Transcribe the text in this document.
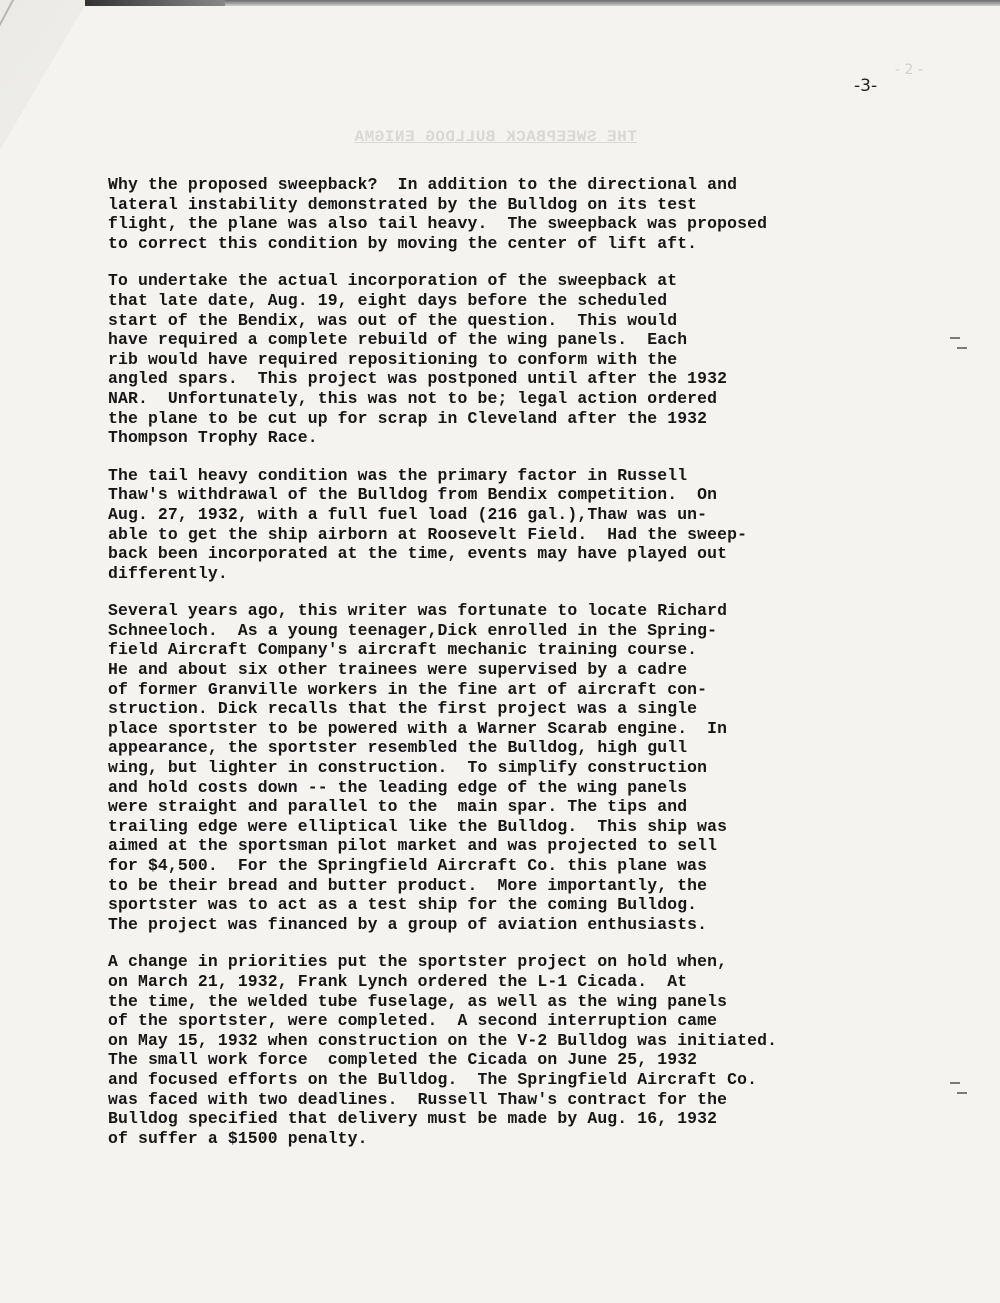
- 2 -
-3-
THE SWEEPBACK BULLDOG ENIGMA

Why the proposed sweepback?  In addition to the directional and
lateral instability demonstrated by the Bulldog on its test
flight, the plane was also tail heavy.  The sweepback was proposed
to correct this condition by moving the center of lift aft.

To undertake the actual incorporation of the sweepback at
that late date, Aug. 19, eight days before the scheduled
start of the Bendix, was out of the question.  This would
have required a complete rebuild of the wing panels.  Each
rib would have required repositioning to conform with the
angled spars.  This project was postponed until after the 1932
NAR.  Unfortunately, this was not to be; legal action ordered
the plane to be cut up for scrap in Cleveland after the 1932
Thompson Trophy Race.

The tail heavy condition was the primary factor in Russell
Thaw's withdrawal of the Bulldog from Bendix competition.  On
Aug. 27, 1932, with a full fuel load (216 gal.),Thaw was un-
able to get the ship airborn at Roosevelt Field.  Had the sweep-
back been incorporated at the time, events may have played out
differently.

Several years ago, this writer was fortunate to locate Richard
Schneeloch.  As a young teenager,Dick enrolled in the Spring-
field Aircraft Company's aircraft mechanic training course.
He and about six other trainees were supervised by a cadre
of former Granville workers in the fine art of aircraft con-
struction. Dick recalls that the first project was a single
place sportster to be powered with a Warner Scarab engine.  In
appearance, the sportster resembled the Bulldog, high gull
wing, but lighter in construction.  To simplify construction
and hold costs down -- the leading edge of the wing panels
were straight and parallel to the  main spar. The tips and
trailing edge were elliptical like the Bulldog.  This ship was
aimed at the sportsman pilot market and was projected to sell
for $4,500.  For the Springfield Aircraft Co. this plane was
to be their bread and butter product.  More importantly, the
sportster was to act as a test ship for the coming Bulldog.
The project was financed by a group of aviation enthusiasts.

A change in priorities put the sportster project on hold when,
on March 21, 1932, Frank Lynch ordered the L-1 Cicada.  At
the time, the welded tube fuselage, as well as the wing panels
of the sportster, were completed.  A second interruption came
on May 15, 1932 when construction on the V-2 Bulldog was initiated.
The small work force  completed the Cicada on June 25, 1932
and focused efforts on the Bulldog.  The Springfield Aircraft Co.
was faced with two deadlines.  Russell Thaw's contract for the
Bulldog specified that delivery must be made by Aug. 16, 1932
of suffer a $1500 penalty.
